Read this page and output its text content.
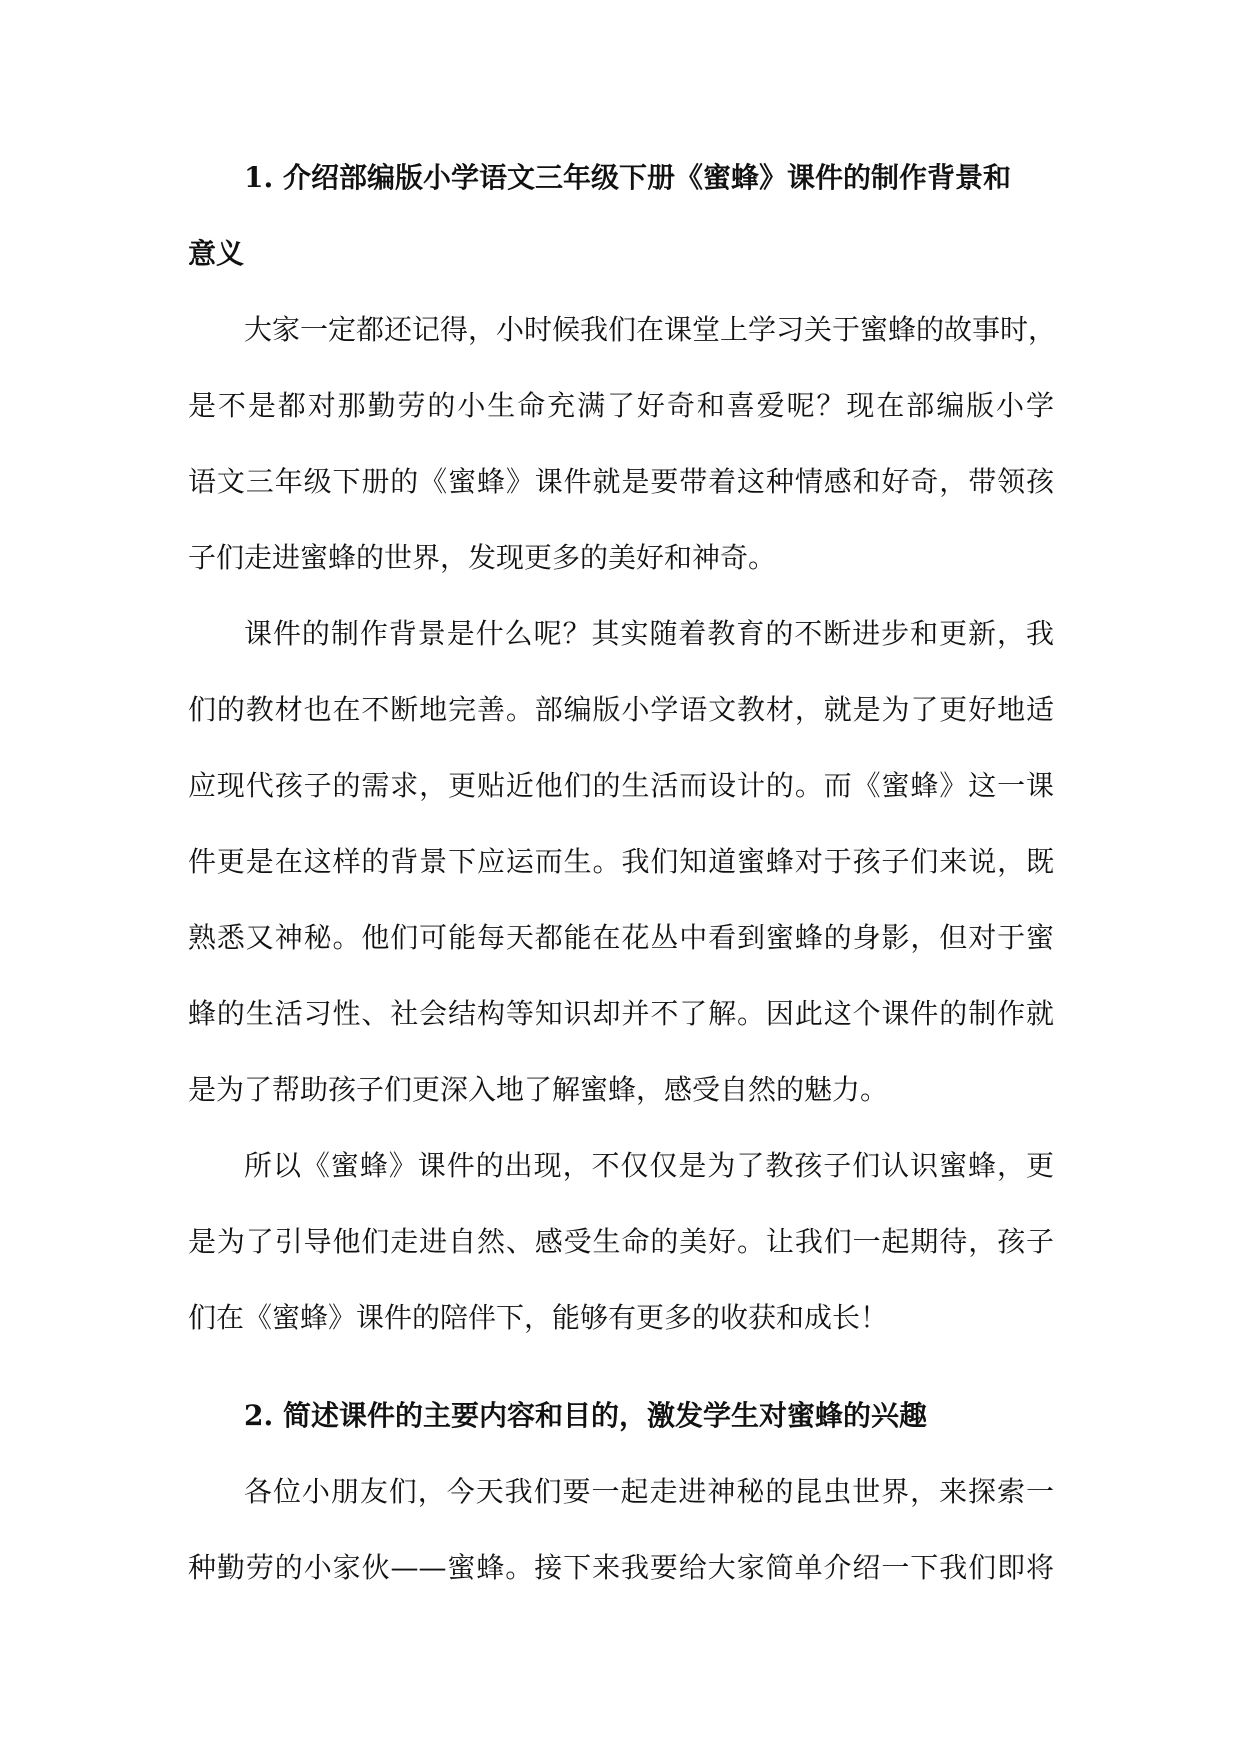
1. 介绍部编版小学语文三年级下册《蜜蜂》课件的制作背景和
意义
大家一定都还记得，小时候我们在课堂上学习关于蜜蜂的故事时，
是不是都对那勤劳的小生命充满了好奇和喜爱呢？现在部编版小学
语文三年级下册的《蜜蜂》课件就是要带着这种情感和好奇，带领孩
子们走进蜜蜂的世界，发现更多的美好和神奇。
课件的制作背景是什么呢？其实随着教育的不断进步和更新，我
们的教材也在不断地完善。部编版小学语文教材，就是为了更好地适
应现代孩子的需求，更贴近他们的生活而设计的。而《蜜蜂》这一课
件更是在这样的背景下应运而生。我们知道蜜蜂对于孩子们来说，既
熟悉又神秘。他们可能每天都能在花丛中看到蜜蜂的身影，但对于蜜
蜂的生活习性、社会结构等知识却并不了解。因此这个课件的制作就
是为了帮助孩子们更深入地了解蜜蜂，感受自然的魅力。
所以《蜜蜂》课件的出现，不仅仅是为了教孩子们认识蜜蜂，更
是为了引导他们走进自然、感受生命的美好。让我们一起期待，孩子
们在《蜜蜂》课件的陪伴下，能够有更多的收获和成长！
2. 简述课件的主要内容和目的，激发学生对蜜蜂的兴趣
各位小朋友们，今天我们要一起走进神秘的昆虫世界，来探索一
种勤劳的小家伙——蜜蜂。接下来我要给大家简单介绍一下我们即将
